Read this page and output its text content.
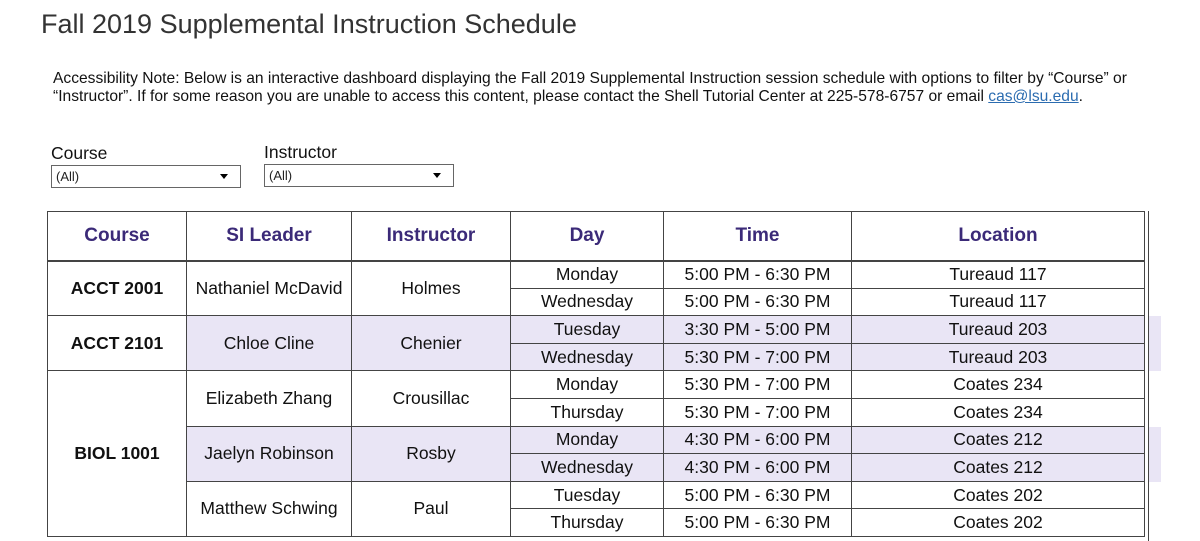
Fall 2019 Supplemental Instruction Schedule

Accessibility Note: Below is an interactive dashboard displaying the Fall 2019 Supplemental Instruction session schedule with options to filter by “Course” or “Instructor”. If for some reason you are unable to access this content, please contact the Shell Tutorial Center at 225-578-6757 or email cas@lsu.edu.

Course
(All)
Instructor
(All)
Course	SI Leader	Instructor	Day	Time	Location
ACCT 2001	Nathaniel McDavid	Holmes	Monday	5:00 PM - 6:30 PM	Tureaud 117
			Wednesday	5:00 PM - 6:30 PM	Tureaud 117
ACCT 2101	Chloe Cline	Chenier	Tuesday	3:30 PM - 5:00 PM	Tureaud 203
			Wednesday	5:30 PM - 7:00 PM	Tureaud 203
BIOL 1001	Elizabeth Zhang	Crousillac	Monday	5:30 PM - 7:00 PM	Coates 234
			Thursday	5:30 PM - 7:00 PM	Coates 234
	Jaelyn Robinson	Rosby	Monday	4:30 PM - 6:00 PM	Coates 212
			Wednesday	4:30 PM - 6:00 PM	Coates 212
	Matthew Schwing	Paul	Tuesday	5:00 PM - 6:30 PM	Coates 202
			Thursday	5:00 PM - 6:30 PM	Coates 202
